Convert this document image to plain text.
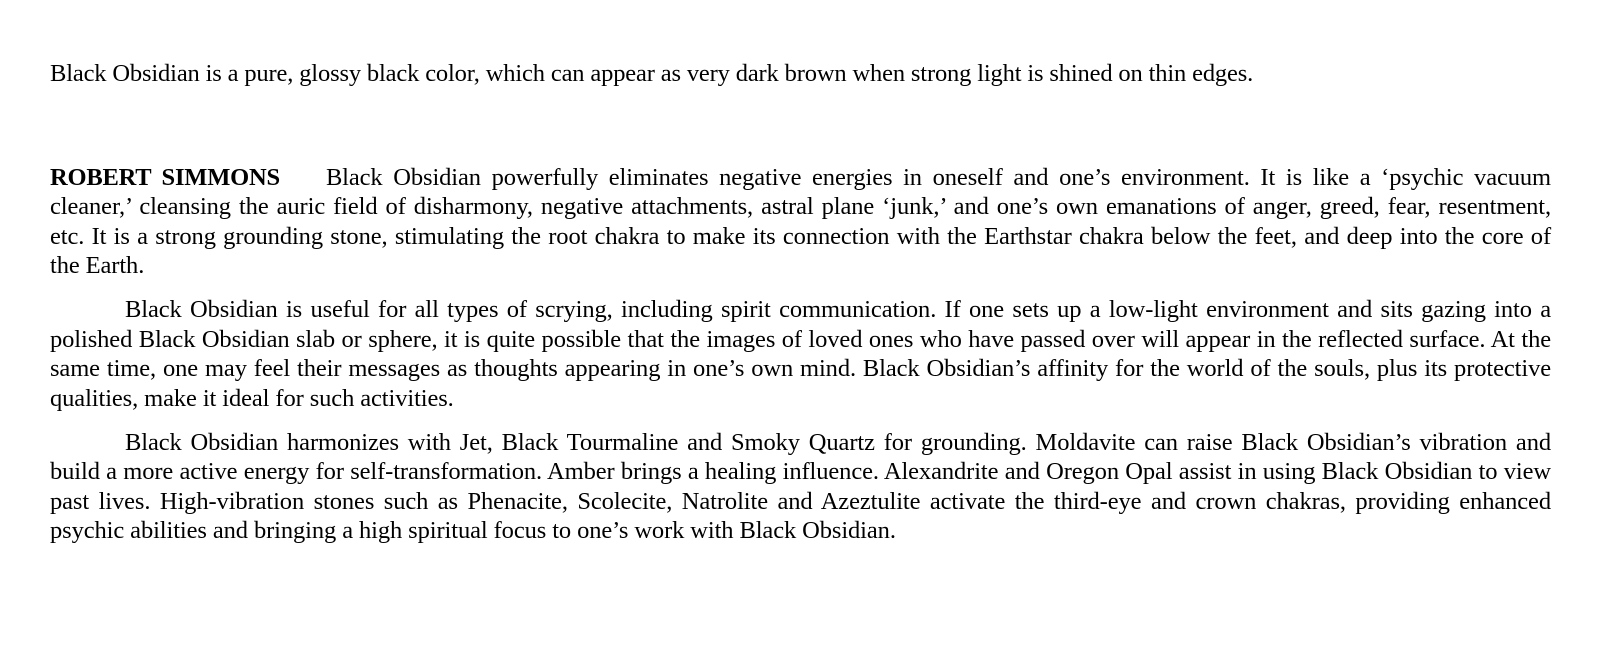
Black Obsidian is a pure, glossy black color, which can appear as very dark brown when strong light is shined on thin edges.

ROBERT SIMMONS Black Obsidian powerfully eliminates negative energies in oneself and one’s environment. It is like a ‘psychic vacuum cleaner,’ cleansing the auric field of disharmony, negative attachments, astral plane ‘junk,’ and one’s own emanations of anger, greed, fear, resentment, etc. It is a strong grounding stone, stimulating the root chakra to make its connection with the Earthstar chakra below the feet, and deep into the core of the Earth.

Black Obsidian is useful for all types of scrying, including spirit communication. If one sets up a low-light environment and sits gazing into a polished Black Obsidian slab or sphere, it is quite possible that the images of loved ones who have passed over will appear in the reflected surface. At the same time, one may feel their messages as thoughts appearing in one’s own mind. Black Obsidian’s affinity for the world of the souls, plus its protective qualities, make it ideal for such activities.

Black Obsidian harmonizes with Jet, Black Tourmaline and Smoky Quartz for grounding. Moldavite can raise Black Obsidian’s vibration and build a more active energy for self-transformation. Amber brings a healing influence. Alexandrite and Oregon Opal assist in using Black Obsidian to view past lives. High-vibration stones such as Phenacite, Scolecite, Natrolite and Azeztulite activate the third-eye and crown chakras, providing enhanced psychic abilities and bringing a high spiritual focus to one’s work with Black Obsidian.
